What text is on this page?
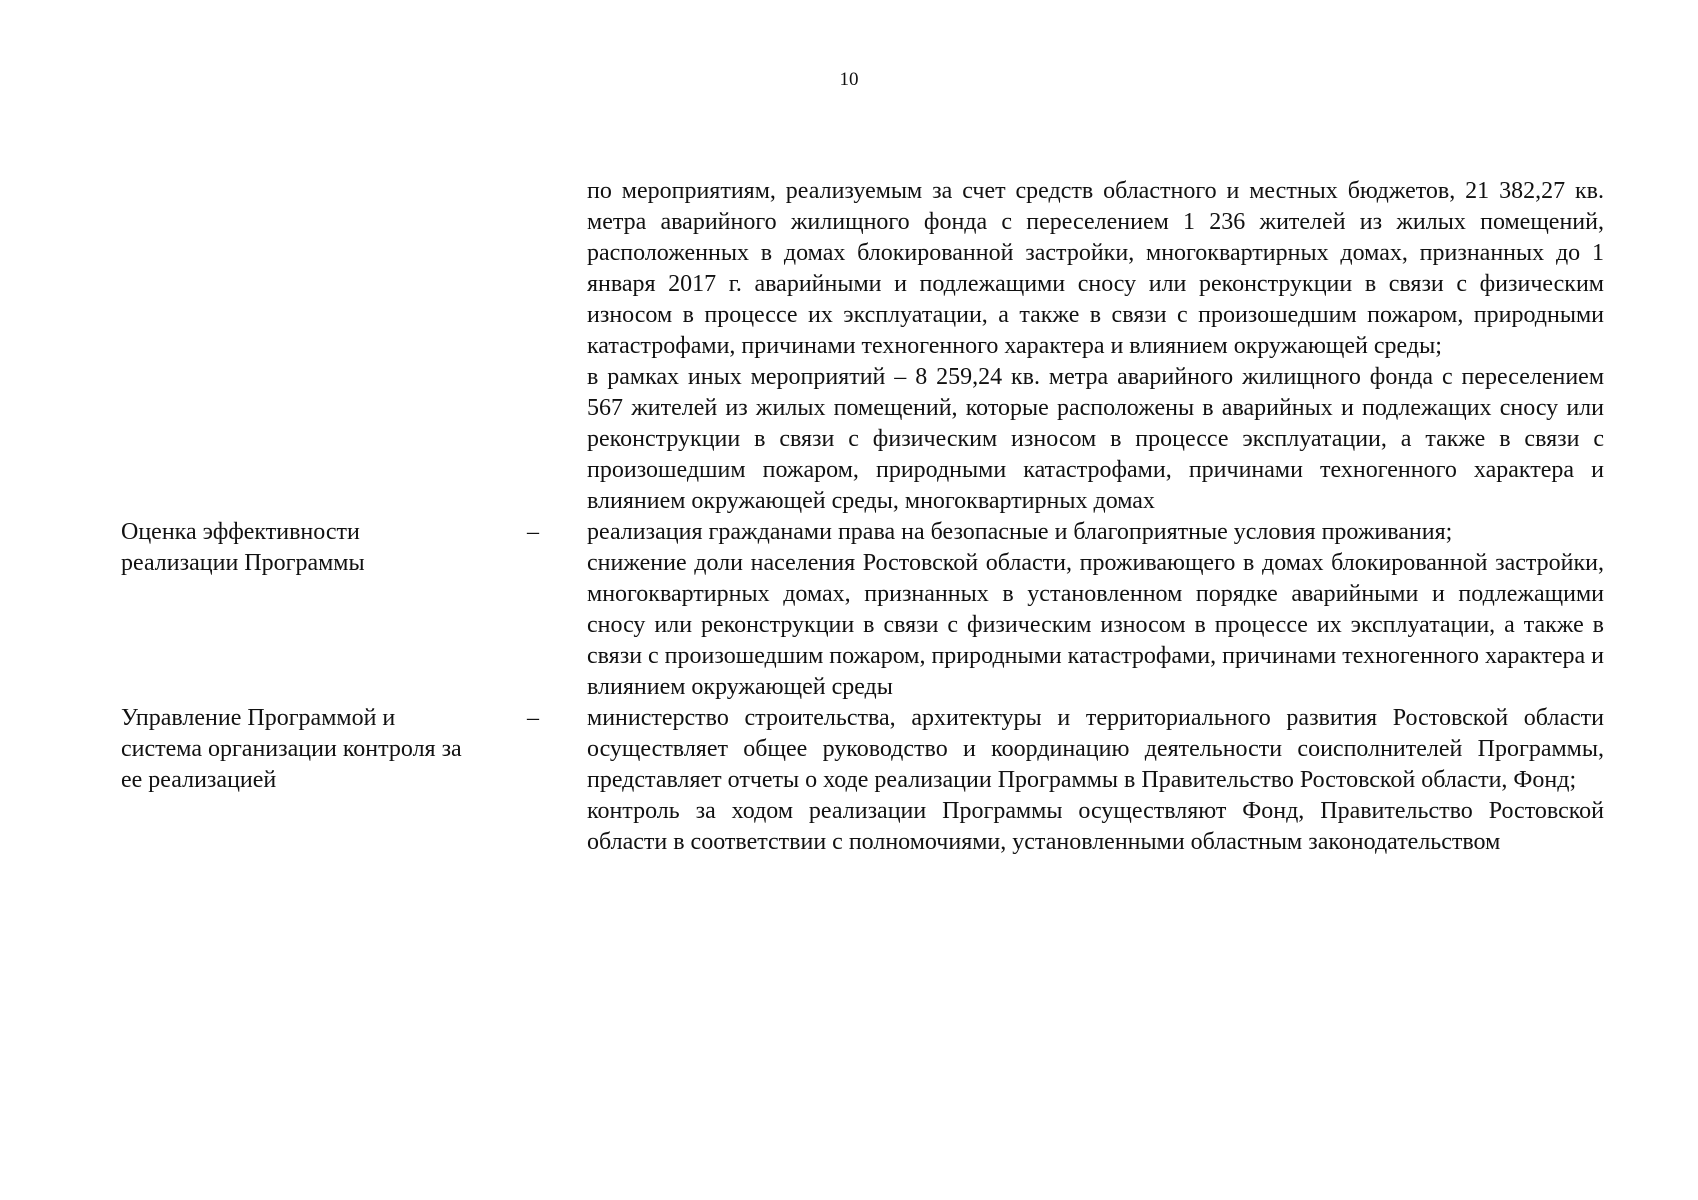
10

по мероприятиям, реализуемым за счет средств областного и местных бюджетов, 21 382,27 кв. метра аварийного жилищного фонда с переселением 1 236 жителей из жилых помещений, расположенных в домах блокированной застройки, многоквартирных домах, признанных до 1 января 2017 г. аварийными и подлежащими сносу или реконструкции в связи с физическим износом в процессе их эксплуатации, а также в связи с произошедшим пожаром, природными катастрофами, причинами техногенного характера и влиянием окружающей среды;

в рамках иных мероприятий – 8 259,24 кв. метра аварийного жилищного фонда с переселением 567 жителей из жилых помещений, которые расположены в аварийных и подлежащих сносу или реконструкции в связи с физическим износом в процессе эксплуатации, а также в связи с произошедшим пожаром, природными катастрофами, причинами техногенного характера и влиянием окружающей среды, многоквартирных домах

Оценка эффективности реализации Программы
–	реализация гражданами права на безопасные и благоприятные условия проживания;

снижение доли населения Ростовской области, проживающего в домах блокированной застройки, многоквартирных домах, признанных в установленном порядке аварийными и подлежащими сносу или реконструкции в связи с физическим износом в процессе их эксплуатации, а также в связи с произошедшим пожаром, природными катастрофами, причинами техногенного характера и влиянием окружающей среды

Управление Программой и система организации контроля за ее реализацией
–	министерство строительства, архитектуры и территориального развития Ростовской области осуществляет общее руководство и координацию деятельности соисполнителей Программы, представляет отчеты о ходе реализации Программы в Правительство Ростовской области, Фонд;

контроль за ходом реализации Программы осуществляют Фонд, Правительство Ростовской области в соответствии с полномочиями, установленными областным законодательством
